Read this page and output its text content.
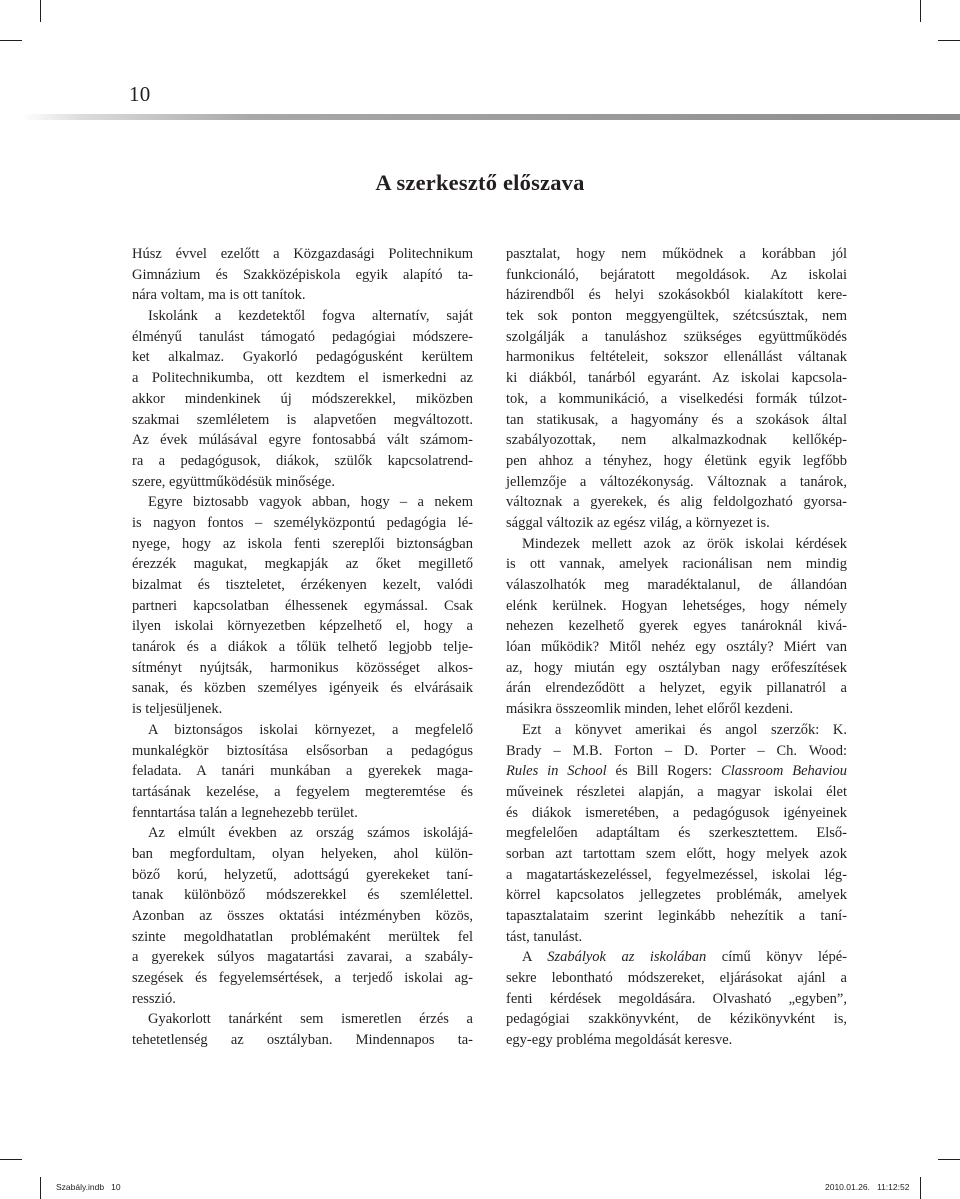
10
A szerkesztő előszava
Húsz évvel ezelőtt a Közgazdasági Politechnikum
Gimnázium és Szakközépiskola egyik alapító ta-
nára voltam, ma is ott tanítok.
Iskolánk a kezdetektől fogva alternatív, saját
élményű tanulást támogató pedagógiai módszere-
ket alkalmaz. Gyakorló pedagógusként kerültem
a Politechnikumba, ott kezdtem el ismerkedni az
akkor mindenkinek új módszerekkel, miközben
szakmai szemléletem is alapvetően megváltozott.
Az évek múlásával egyre fontosabbá vált számom-
ra a pedagógusok, diákok, szülők kapcsolatrend-
szere, együttműködésük minősége.
Egyre biztosabb vagyok abban, hogy – a nekem
is nagyon fontos – személyközpontú pedagógia lé-
nyege, hogy az iskola fenti szereplői biztonságban
érezzék magukat, megkapják az őket megillető
bizalmat és tiszteletet, érzékenyen kezelt, valódi
partneri kapcsolatban élhessenek egymással. Csak
ilyen iskolai környezetben képzelhető el, hogy a
tanárok és a diákok a tőlük telhető legjobb telje-
sítményt nyújtsák, harmonikus közösséget alkos-
sanak, és közben személyes igényeik és elvárásaik
is teljesüljenek.
A biztonságos iskolai környezet, a megfelelő
munkalégkör biztosítása elsősorban a pedagógus
feladata. A tanári munkában a gyerekek maga-
tartásának kezelése, a fegyelem megteremtése és
fenntartása talán a legnehezebb terület.
Az elmúlt években az ország számos iskolájá-
ban megfordultam, olyan helyeken, ahol külön-
böző korú, helyzetű, adottságú gyerekeket taní-
tanak különböző módszerekkel és szemlélettel.
Azonban az összes oktatási intézményben közös,
szinte megoldhatatlan problémaként merültek fel
a gyerekek súlyos magatartási zavarai, a szabály-
szegések és fegyelemsértések, a terjedő iskolai ag-
resszió.
Gyakorlott tanárként sem ismeretlen érzés a
tehetetlenség az osztályban. Mindennapos ta-
pasztalat, hogy nem működnek a korábban jól
funkcionáló, bejáratott megoldások. Az iskolai
házirendből és helyi szokásokból kialakított kere-
tek sok ponton meggyengültek, szétcsúsztak, nem
szolgálják a tanuláshoz szükséges együttműködés
harmonikus feltételeit, sokszor ellenállást váltanak
ki diákból, tanárból egyaránt. Az iskolai kapcsola-
tok, a kommunikáció, a viselkedési formák túlzot-
tan statikusak, a hagyomány és a szokások által
szabályozottak, nem alkalmazkodnak kellőkép-
pen ahhoz a tényhez, hogy életünk egyik legfőbb
jellemzője a változékonyság. Változnak a tanárok,
változnak a gyerekek, és alig feldolgozható gyorsa-
sággal változik az egész világ, a környezet is.
Mindezek mellett azok az örök iskolai kérdések
is ott vannak, amelyek racionálisan nem mindig
válaszolhatók meg maradéktalanul, de állandóan
elénk kerülnek. Hogyan lehetséges, hogy némely
nehezen kezelhető gyerek egyes tanároknál kivá-
lóan működik? Mitől nehéz egy osztály? Miért van
az, hogy miután egy osztályban nagy erőfeszítések
árán elrendeződött a helyzet, egyik pillanatról a
másikra összeomlik minden, lehet előről kezdeni.
Ezt a könyvet amerikai és angol szerzők: K.
Brady – M.B. Forton – D. Porter – Ch. Wood:
Rules in School és Bill Rogers: Classroom Behaviou
műveinek részletei alapján, a magyar iskolai élet
és diákok ismeretében, a pedagógusok igényeinek
megfelelően adaptáltam és szerkesztettem. Első-
sorban azt tartottam szem előtt, hogy melyek azok
a magatartáskezeléssel, fegyelmezéssel, iskolai lég-
körrel kapcsolatos jellegzetes problémák, amelyek
tapasztalataim szerint leginkább nehezítik a taní-
tást, tanulást.
A Szabályok az iskolában című könyv lépé-
sekre lebontható módszereket, eljárásokat ajánl a
fenti kérdések megoldására. Olvasható „egyben”,
pedagógiai szakkönyvként, de kézikönyvként is,
egy-egy probléma megoldását keresve.
Szabály.indb   10	2010.01.26.   11:12:52
